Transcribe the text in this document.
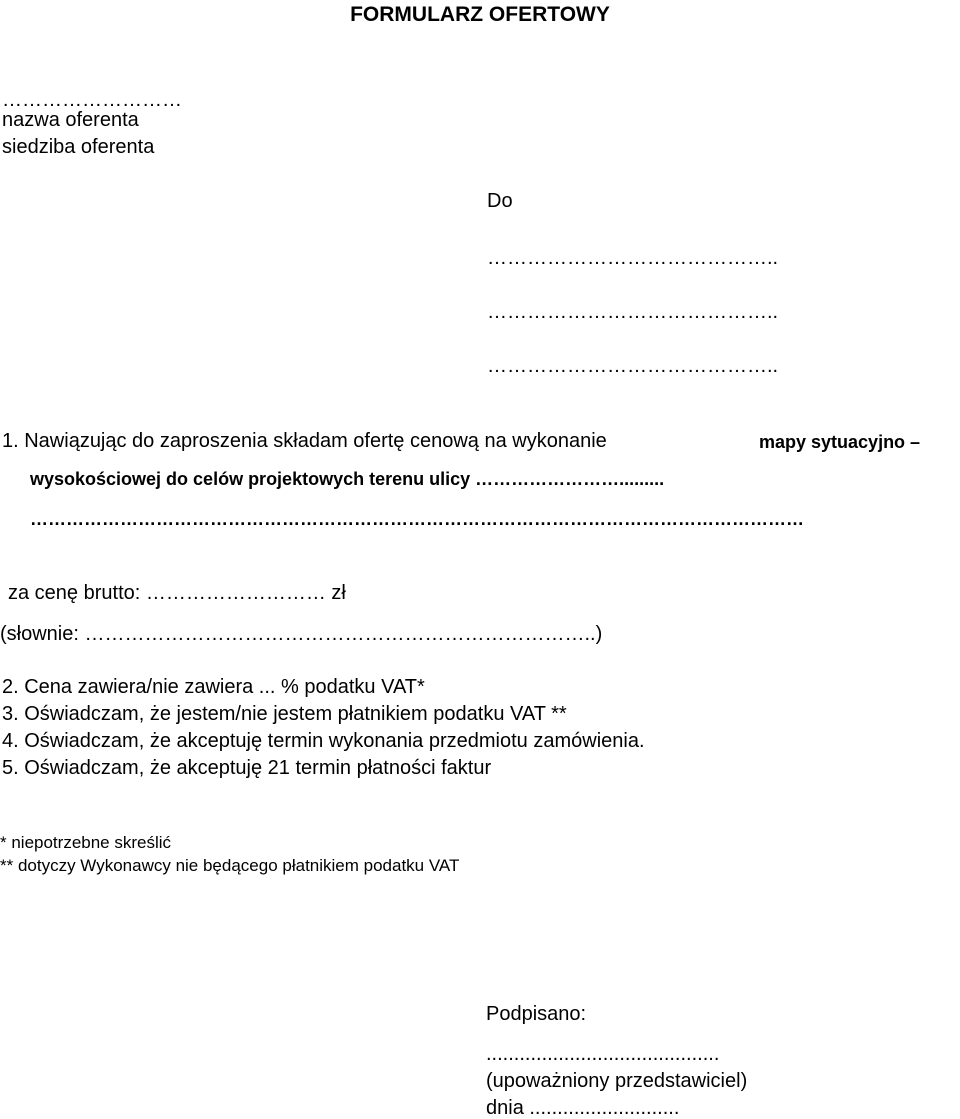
FORMULARZ OFERTOWY
………………………
nazwa oferenta
siedziba oferenta
Do
……………………………………..
……………………………………..
……………………………………..
1. Nawiązując do zaproszenia składam ofertę cenową na wykonanie	mapy sytuacyjno –
wysokościowej do celów projektowych terenu ulicy …………………….........
…………………………………………………………………………………………………………………
za cenę brutto: ……………………… zł
(słownie: …………………………………………………………………..)
2. Cena zawiera/nie zawiera ... % podatku VAT*
3. Oświadczam, że jestem/nie jestem płatnikiem podatku VAT **
4. Oświadczam, że akceptuję termin wykonania przedmiotu zamówienia.
5. Oświadczam, że akceptuję 21 termin płatności faktur
* niepotrzebne skreślić
** dotyczy Wykonawcy nie będącego płatnikiem podatku VAT
Podpisano:
..........................................
(upoważniony przedstawiciel)
dnia ...........................
